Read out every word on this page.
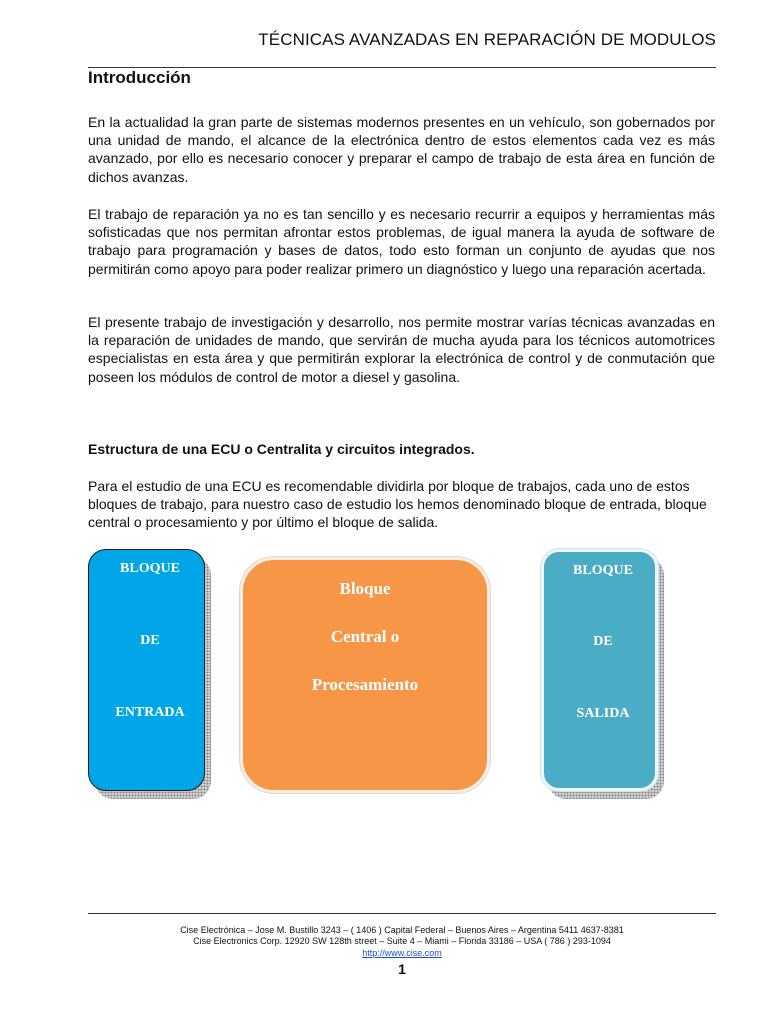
TÉCNICAS AVANZADAS EN REPARACIÓN DE MODULOS
Introducción

En la actualidad la gran parte de sistemas modernos presentes en un vehículo, son gobernados por una unidad de mando, el alcance de la electrónica dentro de estos elementos cada vez es más avanzado, por ello es necesario conocer y preparar el campo de trabajo de esta área en función de dichos avanzas.

El trabajo de reparación ya no es tan sencillo y es necesario recurrir a equipos y herramientas más sofisticadas que nos permitan afrontar estos problemas, de igual manera la ayuda de software de trabajo para programación y bases de datos, todo esto forman un conjunto de ayudas que nos permitirán como apoyo para poder realizar primero un diagnóstico y luego una reparación acertada.

El presente trabajo de investigación y desarrollo, nos permite mostrar varías técnicas avanzadas en la reparación de unidades de mando, que servirán de mucha ayuda para los técnicos automotrices especialistas en esta área y que permitirán explorar la electrónica de control y de conmutación que poseen los módulos de control de motor a diesel y gasolina.

Estructura de una ECU o Centralita y circuitos integrados.

Para el estudio de una ECU es recomendable dividirla por bloque de trabajos, cada uno de estos bloques de trabajo, para nuestro caso de estudio los hemos denominado bloque de entrada, bloque central o procesamiento y por último el bloque de salida.

BLOQUE
DE
ENTRADA
Bloque
Central o
Procesamiento
BLOQUE
DE
SALIDA
Cise Electrónica – Jose M. Bustillo 3243 – ( 1406 ) Capital Federal – Buenos Aires – Argentina 5411 4637-8381
Cise Electronics Corp. 12920 SW 128th street – Suite 4 – Miami – Florida 33186 – USA ( 786 ) 293-1094
http://www.cise.com
1
